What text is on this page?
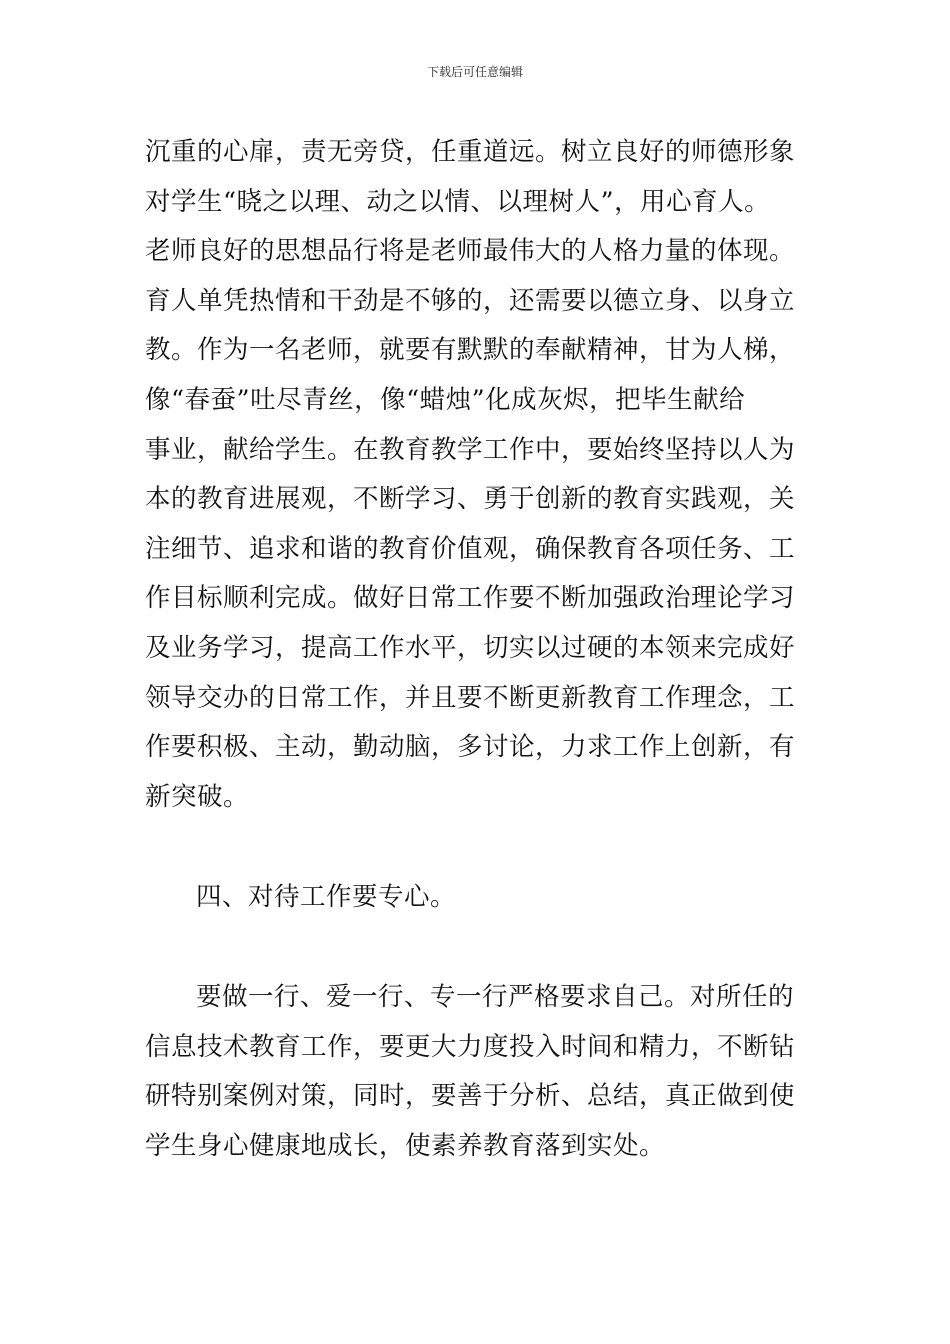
下载后可任意编辑
沉重的心扉，责无旁贷，任重道远。树立良好的师德形象
对学生“晓之以理、动之以情、以理树人”，用心育人。
老师良好的思想品行将是老师最伟大的人格力量的体现。
育人单凭热情和干劲是不够的，还需要以德立身、以身立
教。作为一名老师，就要有默默的奉献精神，甘为人梯，
像“春蚕”吐尽青丝，像“蜡烛”化成灰烬，把毕生献给
事业，献给学生。在教育教学工作中，要始终坚持以人为
本的教育进展观，不断学习、勇于创新的教育实践观，关
注细节、追求和谐的教育价值观，确保教育各项任务、工
作目标顺利完成。做好日常工作要不断加强政治理论学习
及业务学习，提高工作水平，切实以过硬的本领来完成好
领导交办的日常工作，并且要不断更新教育工作理念，工
作要积极、主动，勤动脑，多讨论，力求工作上创新，有
新突破。
四、对待工作要专心。
要做一行、爱一行、专一行严格要求自己。对所任的
信息技术教育工作，要更大力度投入时间和精力，不断钻
研特别案例对策，同时，要善于分析、总结，真正做到使
学生身心健康地成长，使素养教育落到实处。
